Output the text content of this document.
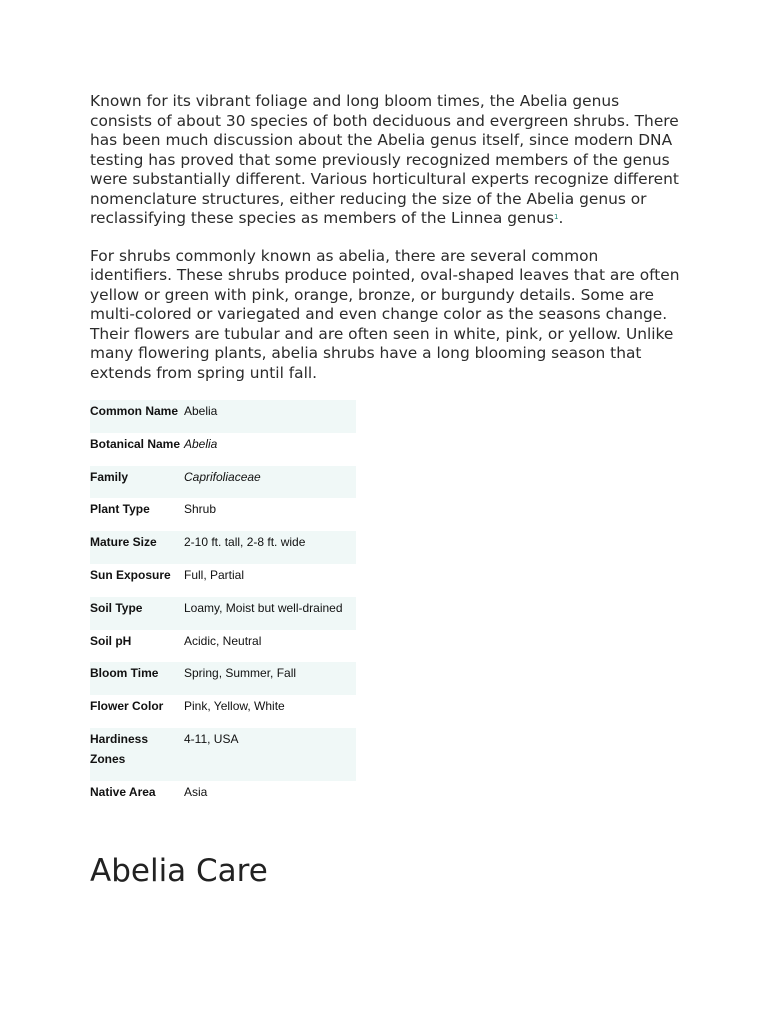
Known for its vibrant foliage and long bloom times, the Abelia genus consists of about 30 species of both deciduous and evergreen shrubs. There has been much discussion about the Abelia genus itself, since modern DNA testing has proved that some previously recognized members of the genus were substantially different. Various horticultural experts recognize different nomenclature structures, either reducing the size of the Abelia genus or reclassifying these species as members of the Linnea genus$^1$.

For shrubs commonly known as abelia, there are several common identifiers. These shrubs produce pointed, oval-shaped leaves that are often yellow or green with pink, orange, bronze, or burgundy details. Some are multi-colored or variegated and even change color as the seasons change. Their flowers are tubular and are often seen in white, pink, or yellow. Unlike many flowering plants, abelia shrubs have a long blooming season that extends from spring until fall.

Common Name	Abelia
Botanical Name	Abelia
Family	Caprifoliaceae
Plant Type	Shrub
Mature Size	2-10 ft. tall, 2-8 ft. wide
Sun Exposure	Full, Partial
Soil Type	Loamy, Moist but well-drained
Soil pH	Acidic, Neutral
Bloom Time	Spring, Summer, Fall
Flower Color	Pink, Yellow, White
Hardiness Zones	4-11, USA
Native Area	Asia
Abelia Care
